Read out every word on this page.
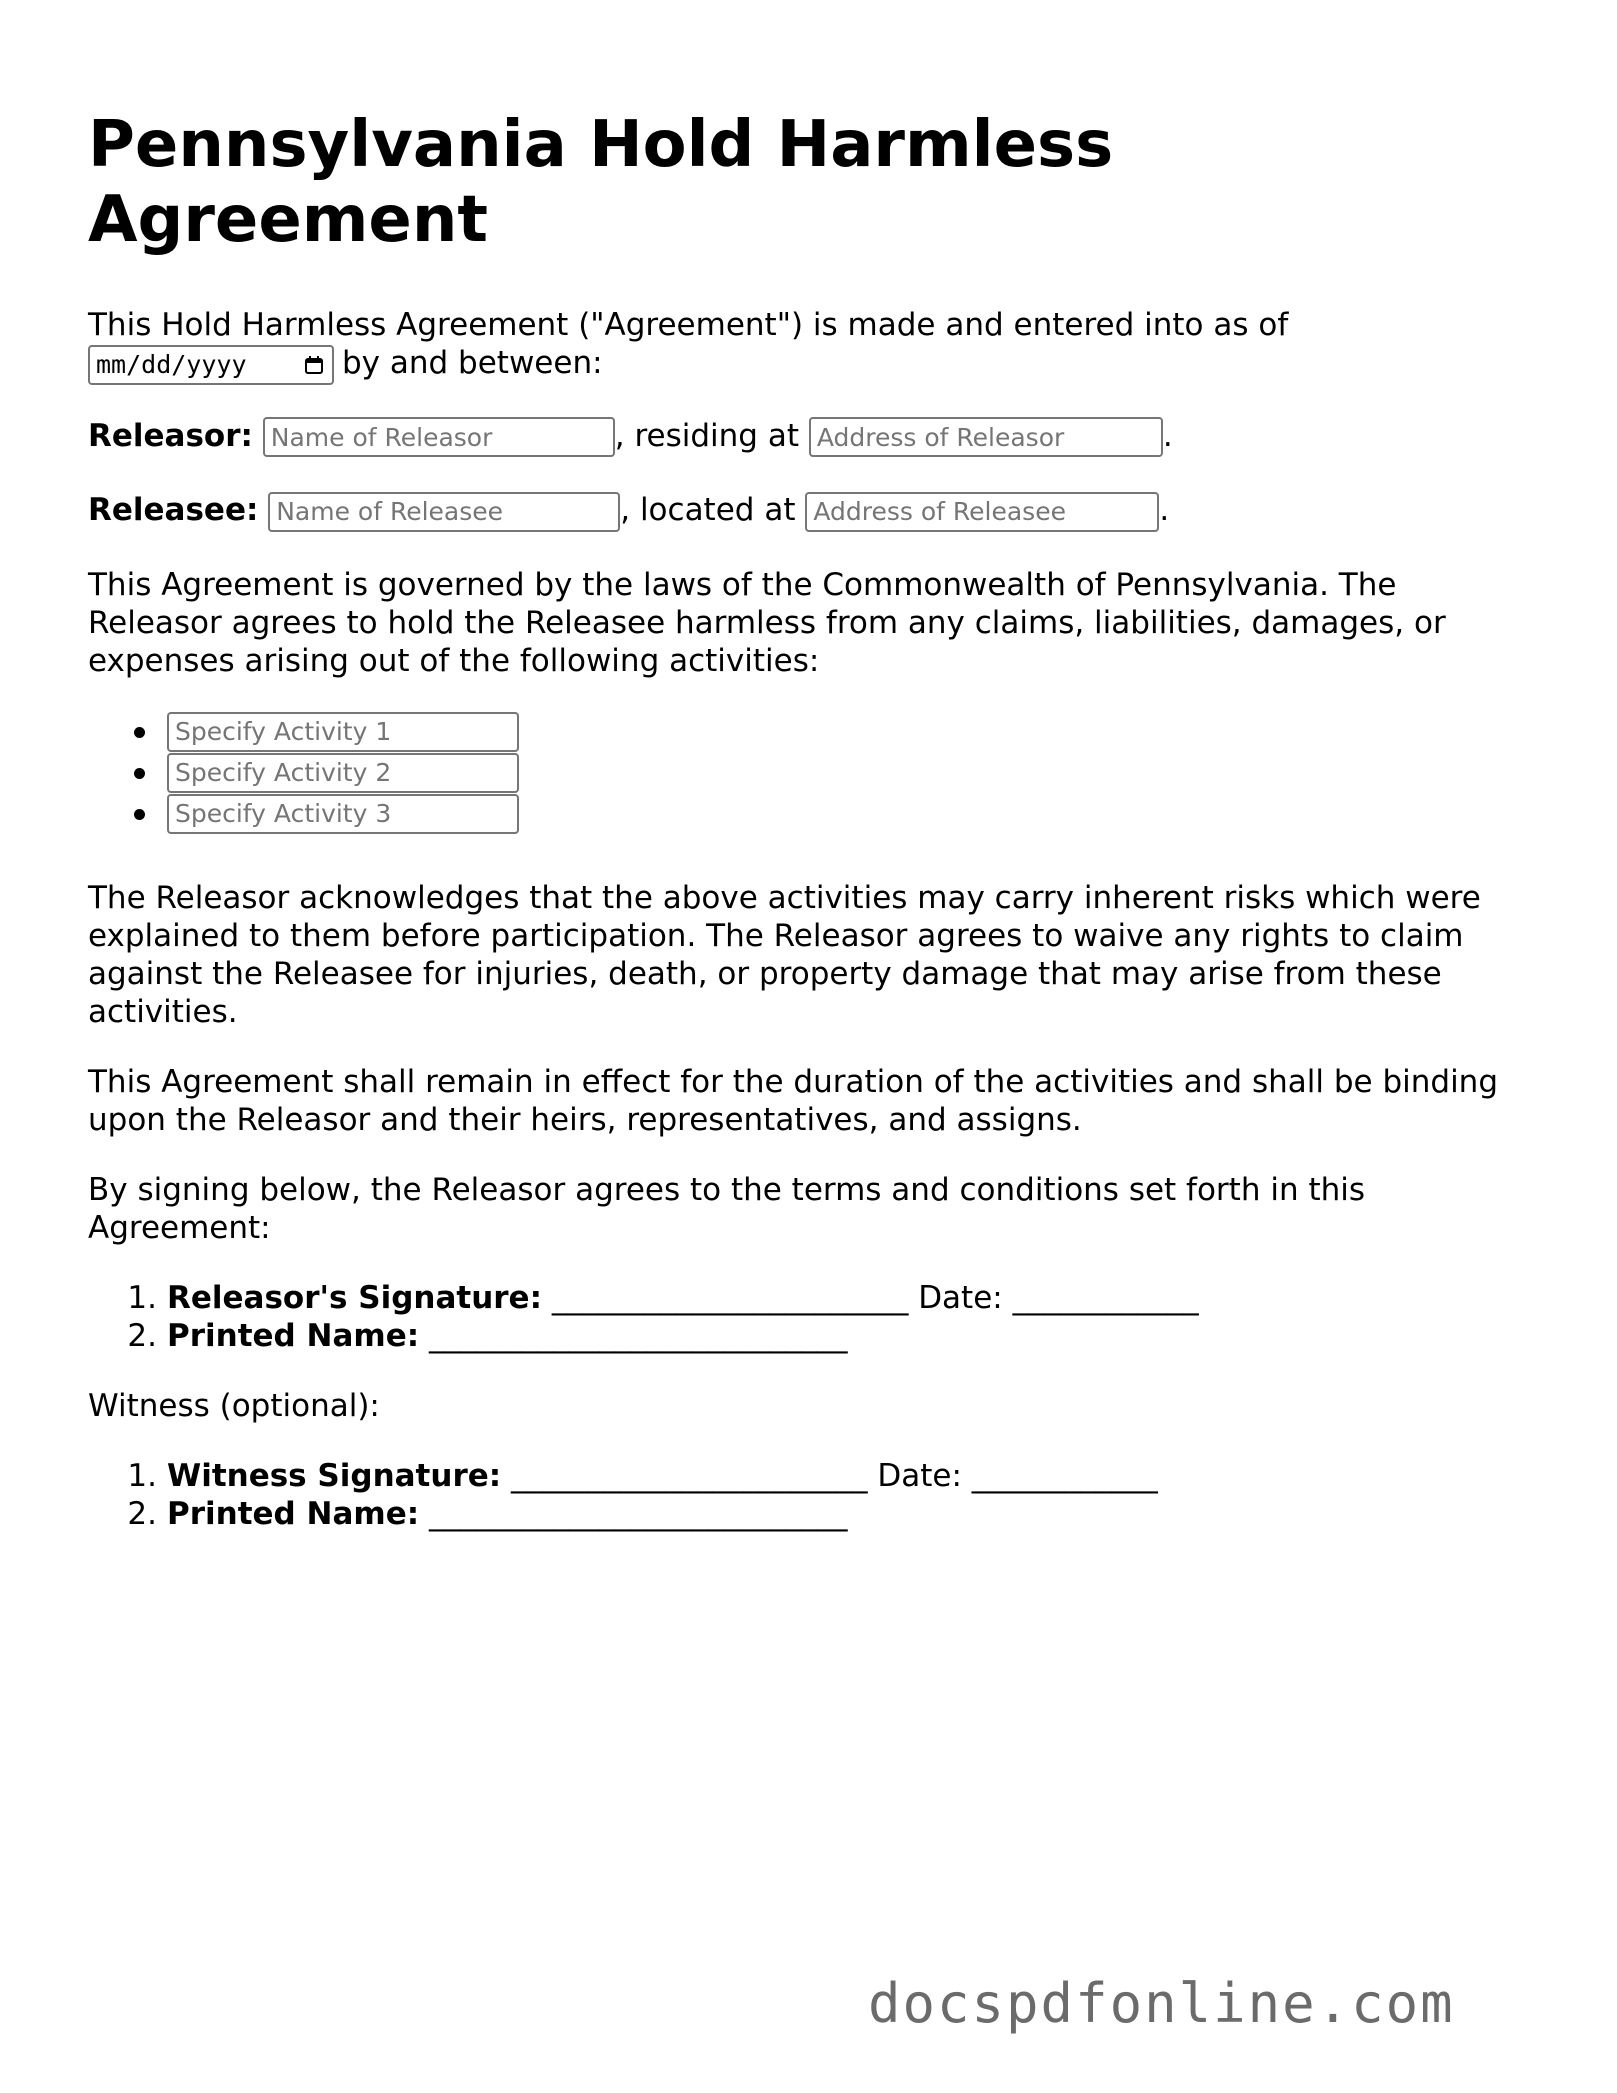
Pennsylvania Hold Harmless Agreement

This Hold Harmless Agreement ("Agreement") is made and entered into as of
mm/dd/yyyy	by and between:

Releasor: Name of Releasor	, residing at Address of Releasor	.
Releasee: Name of Releasee	, located at Address of Releasee	.

This Agreement is governed by the laws of the Commonwealth of Pennsylvania. The Releasor agrees to hold the Releasee harmless from any claims, liabilities, damages, or expenses arising out of the following activities:

Specify Activity 1
Specify Activity 2
Specify Activity 3

The Releasor acknowledges that the above activities may carry inherent risks which were explained to them before participation. The Releasor agrees to waive any rights to claim against the Releasee for injuries, death, or property damage that may arise from these activities.

This Agreement shall remain in effect for the duration of the activities and shall be binding upon the Releasor and their heirs, representatives, and assigns.

By signing below, the Releasor agrees to the terms and conditions set forth in this Agreement:

1. Releasor's Signature: _______________________ Date: ____________
2. Printed Name: ___________________________

Witness (optional):

1. Witness Signature: _______________________ Date: ____________
2. Printed Name: ___________________________
docspdfonline.com
